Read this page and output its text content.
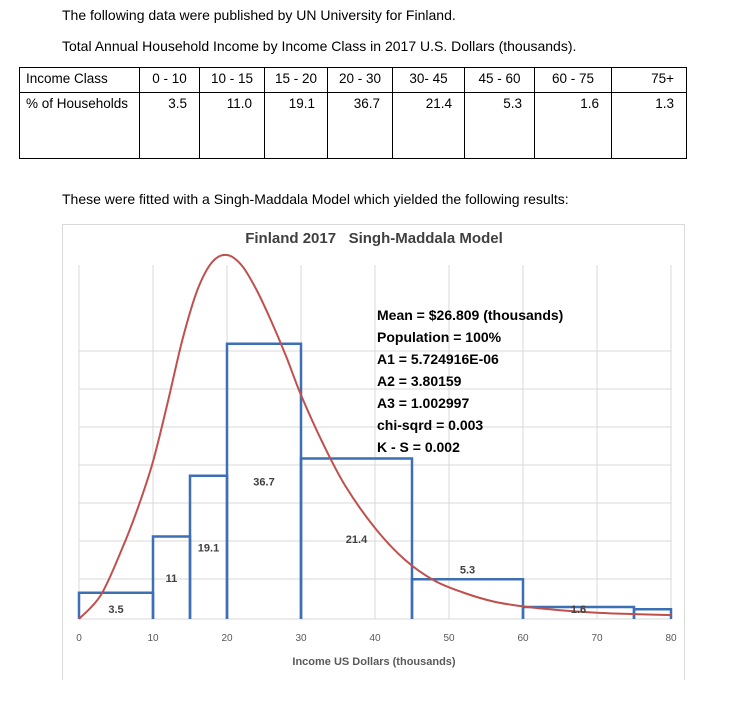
The following data were published by UN University for Finland.
Total Annual Household Income by Income Class in 2017 U.S. Dollars (thousands).
Income Class	0 - 10	10 - 15	15 - 20	20 - 30	30- 45	45 - 60	60 - 75	75+
% of Households	3.5	11.0	19.1	36.7	21.4	5.3	1.6	1.3
These were fitted with a Singh-Maddala Model which yielded the following results:
3.5
11
19.1
36.7
21.4
5.3
1.6
0	10	20	30	40	50	60	70	80
Finland 2017   Singh-Maddala Model
Income US Dollars (thousands)
Mean = $26.809 (thousands)
Population = 100%
A1 = 5.724916E-06
A2 = 3.80159
A3 = 1.002997
chi-sqrd = 0.003
K - S = 0.002
